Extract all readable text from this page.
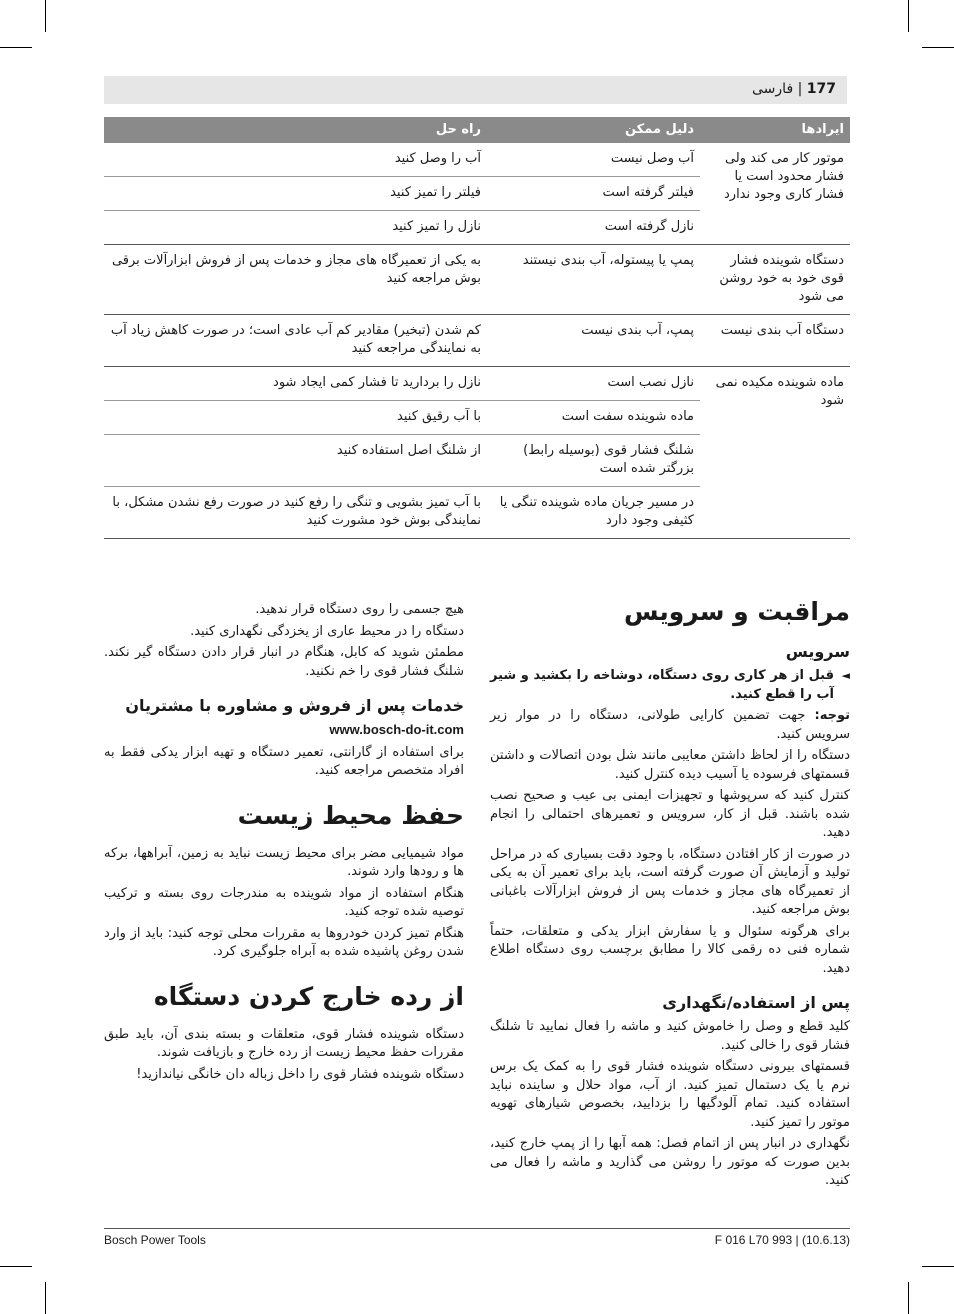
177 | فارسی
ایرادها	دلیل ممکن	راه حل
موتور کار می کند ولی فشار محدود است یا فشار کاری وجود ندارد	آب وصل نیست	آب را وصل کنید
	فیلتر گرفته است	فیلتر را تمیز کنید
	نازل گرفته است	نازل را تمیز کنید
دستگاه شوینده فشار قوی خود به خود روشن می شود	پمپ یا پیستوله، آب بندی نیستند	به یکی از تعمیرگاه های مجاز و خدمات پس از فروش ابزارآلات برقی بوش مراجعه کنید
دستگاه آب بندی نیست	پمپ، آب بندی نیست	کم شدن (تبخیر) مقادیر کم آب عادی است؛ در صورت کاهش زیاد آب به نمایندگی مراجعه کنید
ماده شوینده مکیده نمی شود	نازل نصب است	نازل را بردارید تا فشار کمی ایجاد شود
	ماده شوینده سفت است	با آب رقیق کنید
	شلنگ فشار قوی (بوسیله رابط) بزرگتر شده است	از شلنگ اصل استفاده کنید
	در مسیر جریان ماده شوینده تنگی یا کثیفی وجود دارد	با آب تمیز بشویی و تنگی را رفع کنید در صورت رفع نشدن مشکل، با نمایندگی بوش خود مشورت کنید
مراقبت و سرویس
سرویس

◄
قبل از هر کاری روی دستگاه، دوشاخه را بکشید و شیر آب را قطع کنید.

توجه: جهت تضمین کارایی طولانی، دستگاه را در موار زیر سرویس کنید.

دستگاه را از لحاظ داشتن معایبی مانند شل بودن اتصالات و داشتن قسمتهای فرسوده یا آسیب دیده کنترل کنید.

کنترل کنید که سرپوشها و تجهیزات ایمنی بی عیب و صحیح نصب شده باشند. قبل از کار، سرویس و تعمیرهای احتمالی را انجام دهید.

در صورت از کار افتادن دستگاه، با وجود دقت بسیاری که در مراحل تولید و آزمایش آن صورت گرفته است، باید برای تعمیر آن به یکی از تعمیرگاه های مجاز و خدمات پس از فروش ابزارآلات باغبانی بوش مراجعه کنید.

برای هرگونه سئوال و یا سفارش ابزار یدکی و متعلقات، حتماً شماره فنی ده رقمی کالا را مطابق برچسب روی دستگاه اطلاع دهید.

پس از استفاده/نگهداری

کلید قطع و وصل را خاموش کنید و ماشه را فعال نمایید تا شلنگ فشار قوی را خالی کنید.

قسمتهای بیرونی دستگاه شوینده فشار قوی را به کمک یک برس نرم یا یک دستمال تمیز کنید. از آب، مواد حلال و ساینده نباید استفاده کنید. تمام آلودگیها را بزدایید، بخصوص شیارهای تهویه موتور را تمیز کنید.

نگهداری در انبار پس از اتمام فصل: همه آبها را از پمپ خارج کنید، بدین صورت که موتور را روشن می گذارید و ماشه را فعال می کنید.

هیچ جسمی را روی دستگاه قرار ندهید.

دستگاه را در محیط عاری از یخزدگی نگهداری کنید.

مطمئن شوید که کابل، هنگام در انبار قرار دادن دستگاه گیر نکند. شلنگ فشار قوی را خم نکنید.

خدمات پس از فروش و مشاوره با مشتریان
www.bosch-do-it.com

برای استفاده از گارانتی، تعمیر دستگاه و تهیه ابزار یدکی فقط به افراد متخصص مراجعه کنید.

حفظ محیط زیست

مواد شیمیایی مضر برای محیط زیست نباید به زمین، آبراهها، برکه ها و رودها وارد شوند.

هنگام استفاده از مواد شوینده به مندرجات روی بسته و ترکیب توصیه شده توجه کنید.

هنگام تمیز کردن خودروها به مقررات محلی توجه کنید: باید از وارد شدن روغن پاشیده شده به آبراه جلوگیری کرد.

از رده خارج کردن دستگاه

دستگاه شوینده فشار قوی، متعلقات و بسته بندی آن، باید طبق مقررات حفظ محیط زیست از رده خارج و بازیافت شوند.

دستگاه شوینده فشار قوی را داخل زباله دان خانگی نیاندازید!

Bosch Power Tools	F 016 L70 993 | (10.6.13)
